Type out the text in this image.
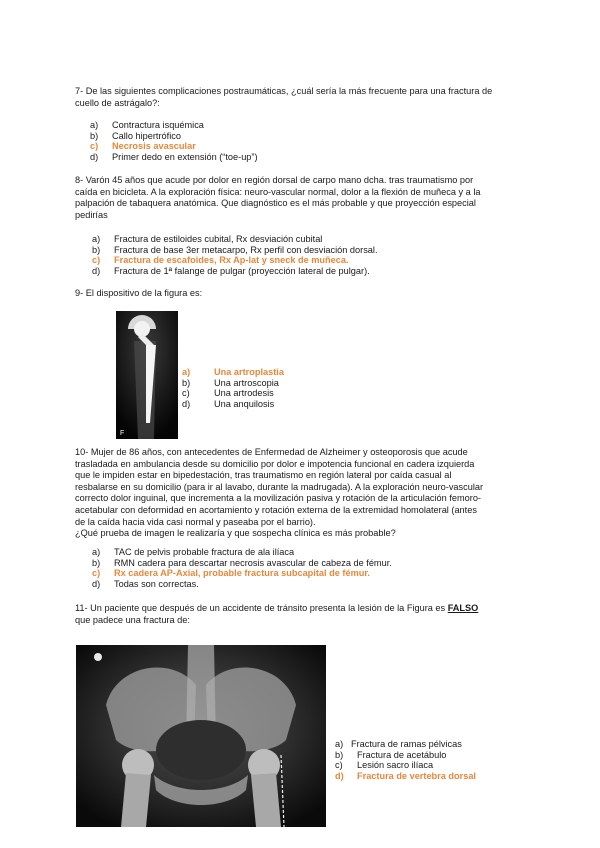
7- De las siguientes complicaciones postraumáticas, ¿cuál sería la más frecuente para una fractura de cuello de astrágalo?:

a)	Contractura isquémica
b)	Callo hipertrófico
c)	Necrosis avascular
d)	Primer dedo en extensión (“toe-up”)

8- Varón 45 años que acude por dolor en región dorsal de carpo mano dcha. tras traumatismo por caída en bicicleta. A la exploración física: neuro-vascular normal, dolor a la flexión de muñeca y a la palpación de tabaquera anatómica. Que diagnóstico es el más probable y que proyección especial pedirías

a)	Fractura de estiloides cubital, Rx desviación cubital
b)	Fractura de base 3er metacarpo, Rx perfil con desviación dorsal.
c)	Fractura de escafoides, Rx Ap-lat y sneck de muñeca.
d)	Fractura de 1ª falange de pulgar (proyección lateral de pulgar).

9- El dispositivo de la figura es:

F
a)	Una artroplastia
b)	Una artroscopia
c)	Una artrodesis
d)	Una anquilosis

10- Mujer de 86 años, con antecedentes de Enfermedad de Alzheimer y osteoporosis que acude trasladada en ambulancia desde su domicilio por dolor e impotencia funcional en cadera izquierda que le impiden estar en bipedestación, tras traumatismo en región lateral por caída casual al resbalarse en su domicilio (para ir al lavabo, durante la madrugada). A la exploración neuro-vascular correcto dolor inguinal, que incrementa a la movilización pasiva y rotación de la articulación femoro-acetabular con deformidad en acortamiento y rotación externa de la extremidad homolateral (antes de la caída hacia vida casi normal y paseaba por el barrio).

¿Qué prueba de imagen le realizaría y que sospecha clínica es más probable?

a)	TAC de pelvis probable fractura de ala ilíaca
b)	RMN cadera para descartar necrosis avascular de cabeza de fémur.
c)	Rx cadera AP-Axial, probable fractura subcapital de fémur.
d)	Todas son correctas.

11- Un paciente que después de un accidente de tránsito presenta la lesión de la Figura es FALSO que padece una fractura de:

a) Fractura de ramas pélvicas
b)	Fractura de acetábulo
c)	Lesión sacro ilíaca
d)	Fractura de vertebra dorsal
